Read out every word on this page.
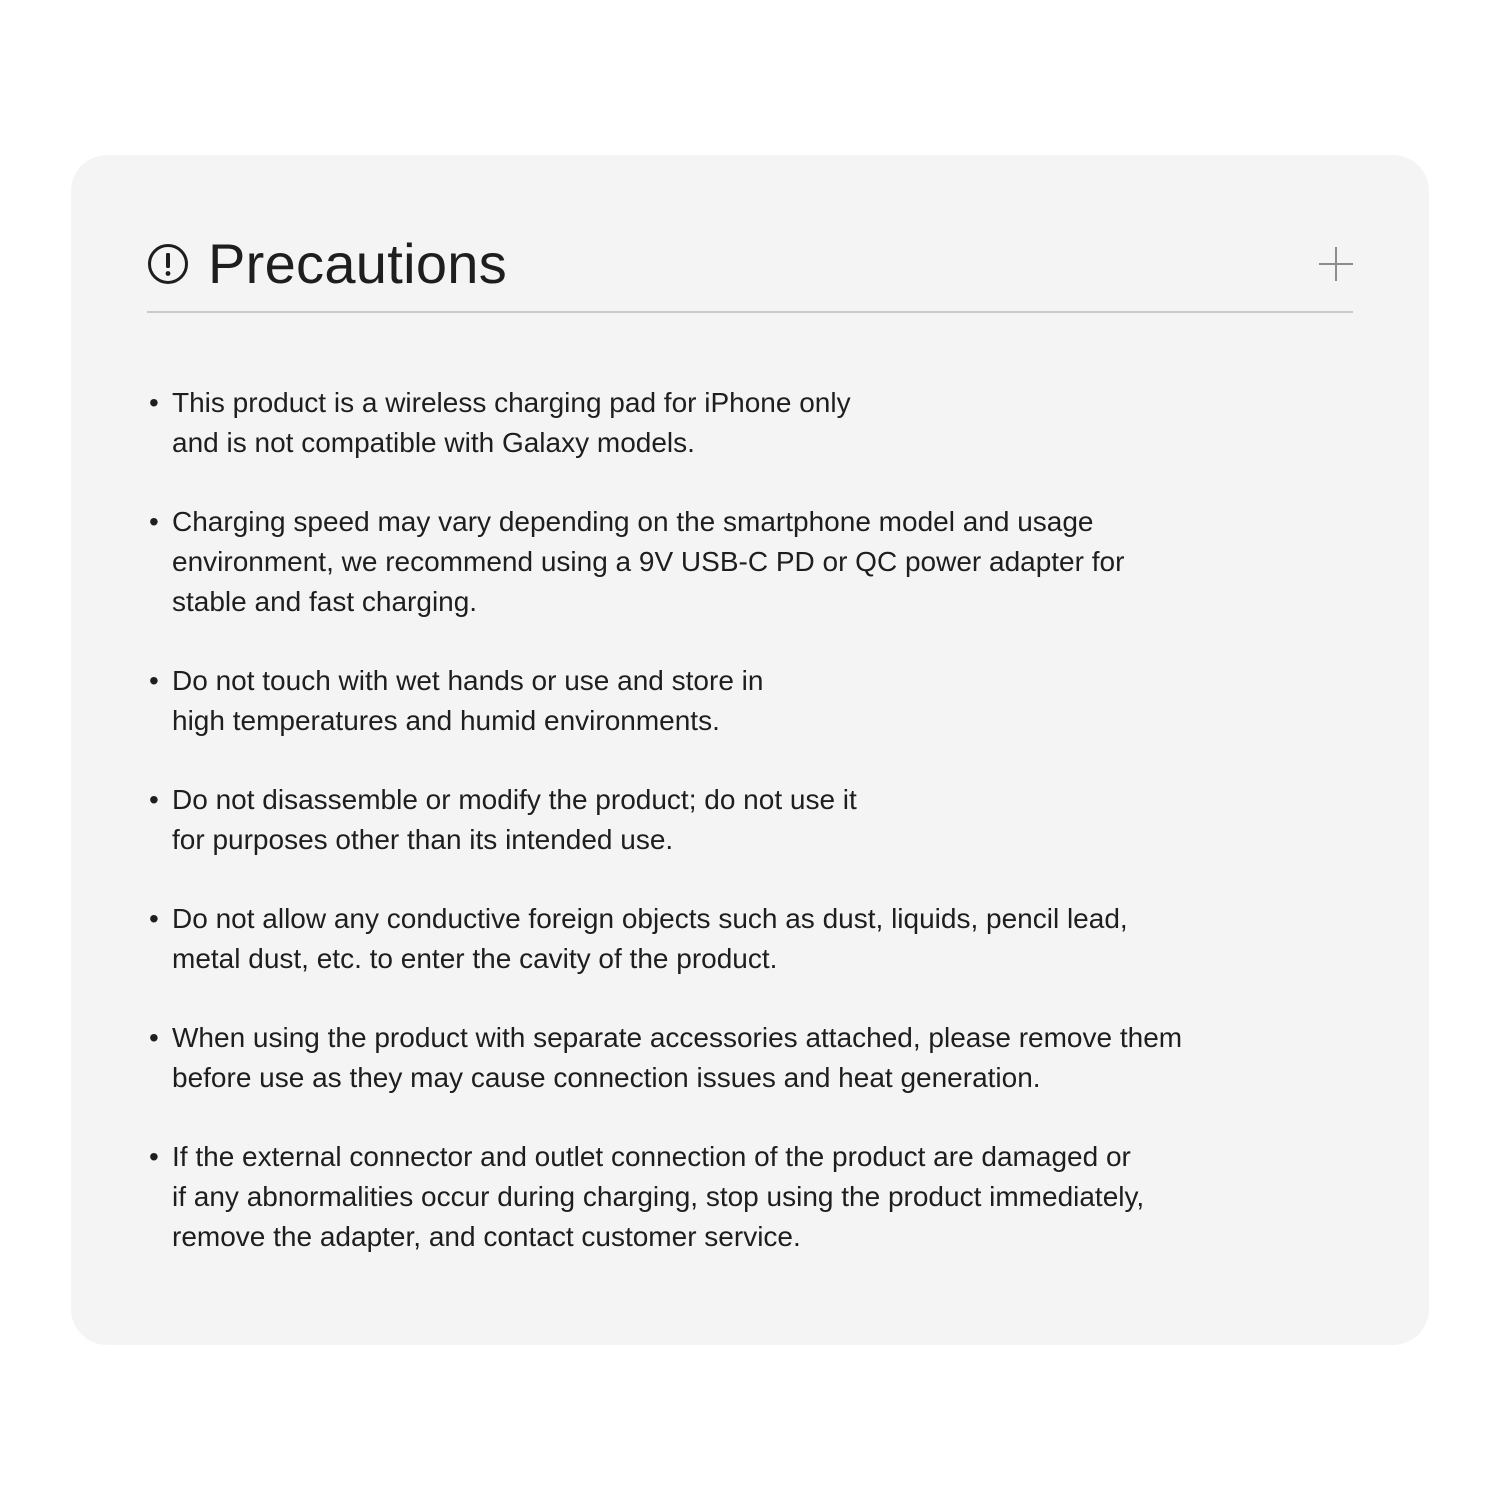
Precautions
• This product is a wireless charging pad for iPhone only
and is not compatible with Galaxy models.
• Charging speed may vary depending on the smartphone model and usage
environment, we recommend using a 9V USB-C PD or QC power adapter for
stable and fast charging.
• Do not touch with wet hands or use and store in
high temperatures and humid environments.
• Do not disassemble or modify the product; do not use it
for purposes other than its intended use.
• Do not allow any conductive foreign objects such as dust, liquids, pencil lead,
metal dust, etc. to enter the cavity of the product.
• When using the product with separate accessories attached, please remove them
before use as they may cause connection issues and heat generation.
• If the external connector and outlet connection of the product are damaged or
if any abnormalities occur during charging, stop using the product immediately,
remove the adapter, and contact customer service.
